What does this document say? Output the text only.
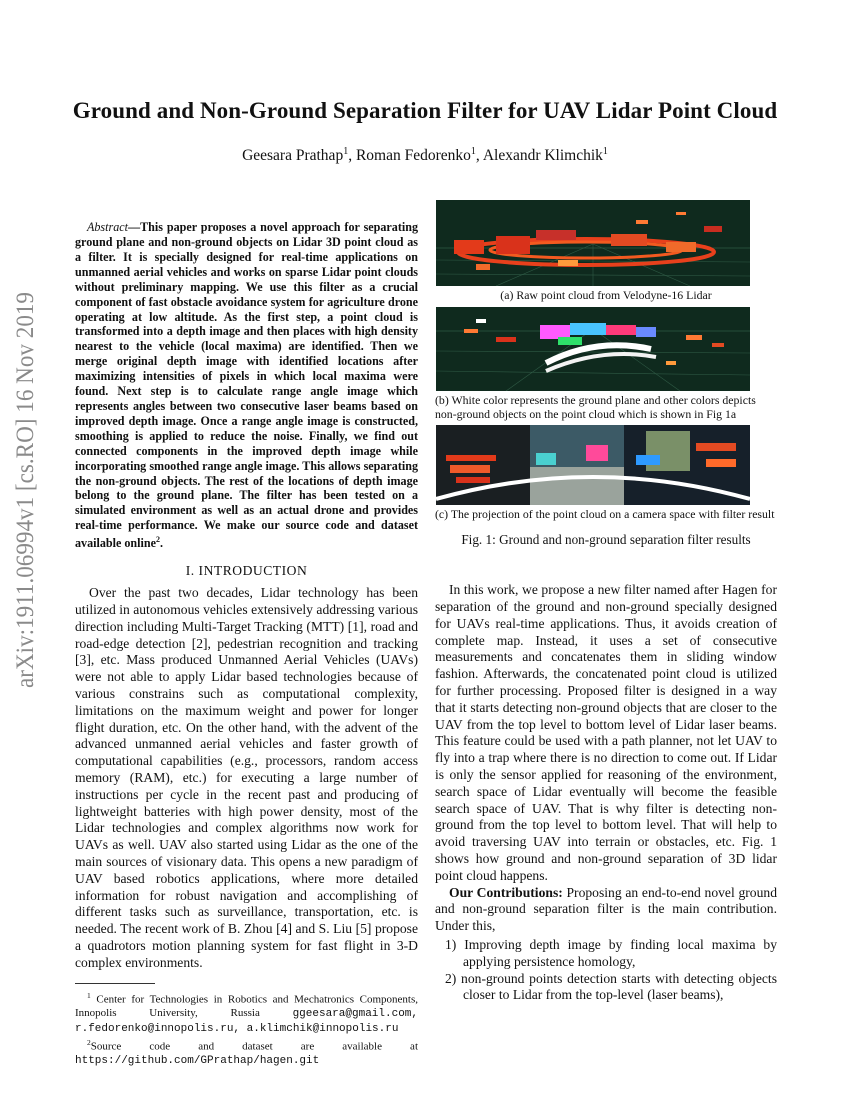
arXiv:1911.06994v1 [cs.RO] 16 Nov 2019
Ground and Non-Ground Separation Filter for UAV Lidar Point Cloud
Geesara Prathap$^1$, Roman Fedorenko$^1$, Alexandr Klimchik$^1$

Abstract—This paper proposes a novel approach for separating ground plane and non-ground objects on Lidar 3D point cloud as a filter. It is specially designed for real-time applications on unmanned aerial vehicles and works on sparse Lidar point clouds without preliminary mapping. We use this filter as a crucial component of fast obstacle avoidance system for agriculture drone operating at low altitude. As the first step, a point cloud is transformed into a depth image and then places with high density nearest to the vehicle (local maxima) are identified. Then we merge original depth image with identified locations after maximizing intensities of pixels in which local maxima were found. Next step is to calculate range angle image which represents angles between two consecutive laser beams based on improved depth image. Once a range angle image is constructed, smoothing is applied to reduce the noise. Finally, we find out connected components in the improved depth image while incorporating smoothed range angle image. This allows separating the non-ground objects. The rest of the locations of depth image belong to the ground plane. The filter has been tested on a simulated environment as well as an actual drone and provides real-time performance. We make our source code and dataset available online$^2$.

I. INTRODUCTION

Over the past two decades, Lidar technology has been utilized in autonomous vehicles extensively addressing various direction including Multi-Target Tracking (MTT) [1], road and road-edge detection [2], pedestrian recognition and tracking [3], etc. Mass produced Unmanned Aerial Vehicles (UAVs) were not able to apply Lidar based technologies because of various constrains such as computational complexity, limitations on the maximum weight and power for longer flight duration, etc. On the other hand, with the advent of the advanced unmanned aerial vehicles and faster growth of computational capabilities (e.g., processors, random access memory (RAM), etc.) for executing a large number of instructions per cycle in the recent past and producing of lightweight batteries with high power density, most of the Lidar technologies and complex algorithms now work for UAVs as well. UAV also started using Lidar as the one of the main sources of visionary data. This opens a new paradigm of UAV based robotics applications, where more detailed information for robust navigation and accomplishing of different tasks such as surveillance, transportation, etc. is needed. The recent work of B. Zhou [4] and S. Liu [5] propose a quadrotors motion planning system for fast flight in 3-D complex environments.

$^1$ Center for Technologies in Robotics and Mechatronics Components, Innopolis University, Russia	ggeesara@gmail.com, r.fedorenko@innopolis.ru, a.klimchik@innopolis.ru

$^2$Source code and dataset are available at https://github.com/GPrathap/hagen.git

(a) Raw point cloud from Velodyne-16 Lidar
(b) White color represents the ground plane and other colors depicts non-ground objects on the point cloud which is shown in Fig 1a
(c) The projection of the point cloud on a camera space with filter result
Fig. 1: Ground and non-ground separation filter results

In this work, we propose a new filter named after Hagen for separation of the ground and non-ground specially designed for UAVs real-time applications. Thus, it avoids creation of complete map. Instead, it uses a set of consecutive measurements and concatenates them in sliding window fashion. Afterwards, the concatenated point cloud is utilized for further processing. Proposed filter is designed in a way that it starts detecting non-ground objects that are closer to the UAV from the top level to bottom level of Lidar laser beams. This feature could be used with a path planner, not let UAV to fly into a trap where there is no direction to come out. If Lidar is only the sensor applied for reasoning of the environment, search space of Lidar eventually will become the feasible search space of UAV. That is why filter is detecting non-ground from the top level to bottom level. That will help to avoid traversing UAV into terrain or obstacles, etc. Fig. 1 shows how ground and non-ground separation of 3D lidar point cloud happens.

Our Contributions: Proposing an end-to-end novel ground and non-ground separation filter is the main contribution. Under this,

1) Improving depth image by finding local maxima by applying persistence homology,
2) non-ground points detection starts with detecting objects closer to Lidar from the top-level (laser beams),
